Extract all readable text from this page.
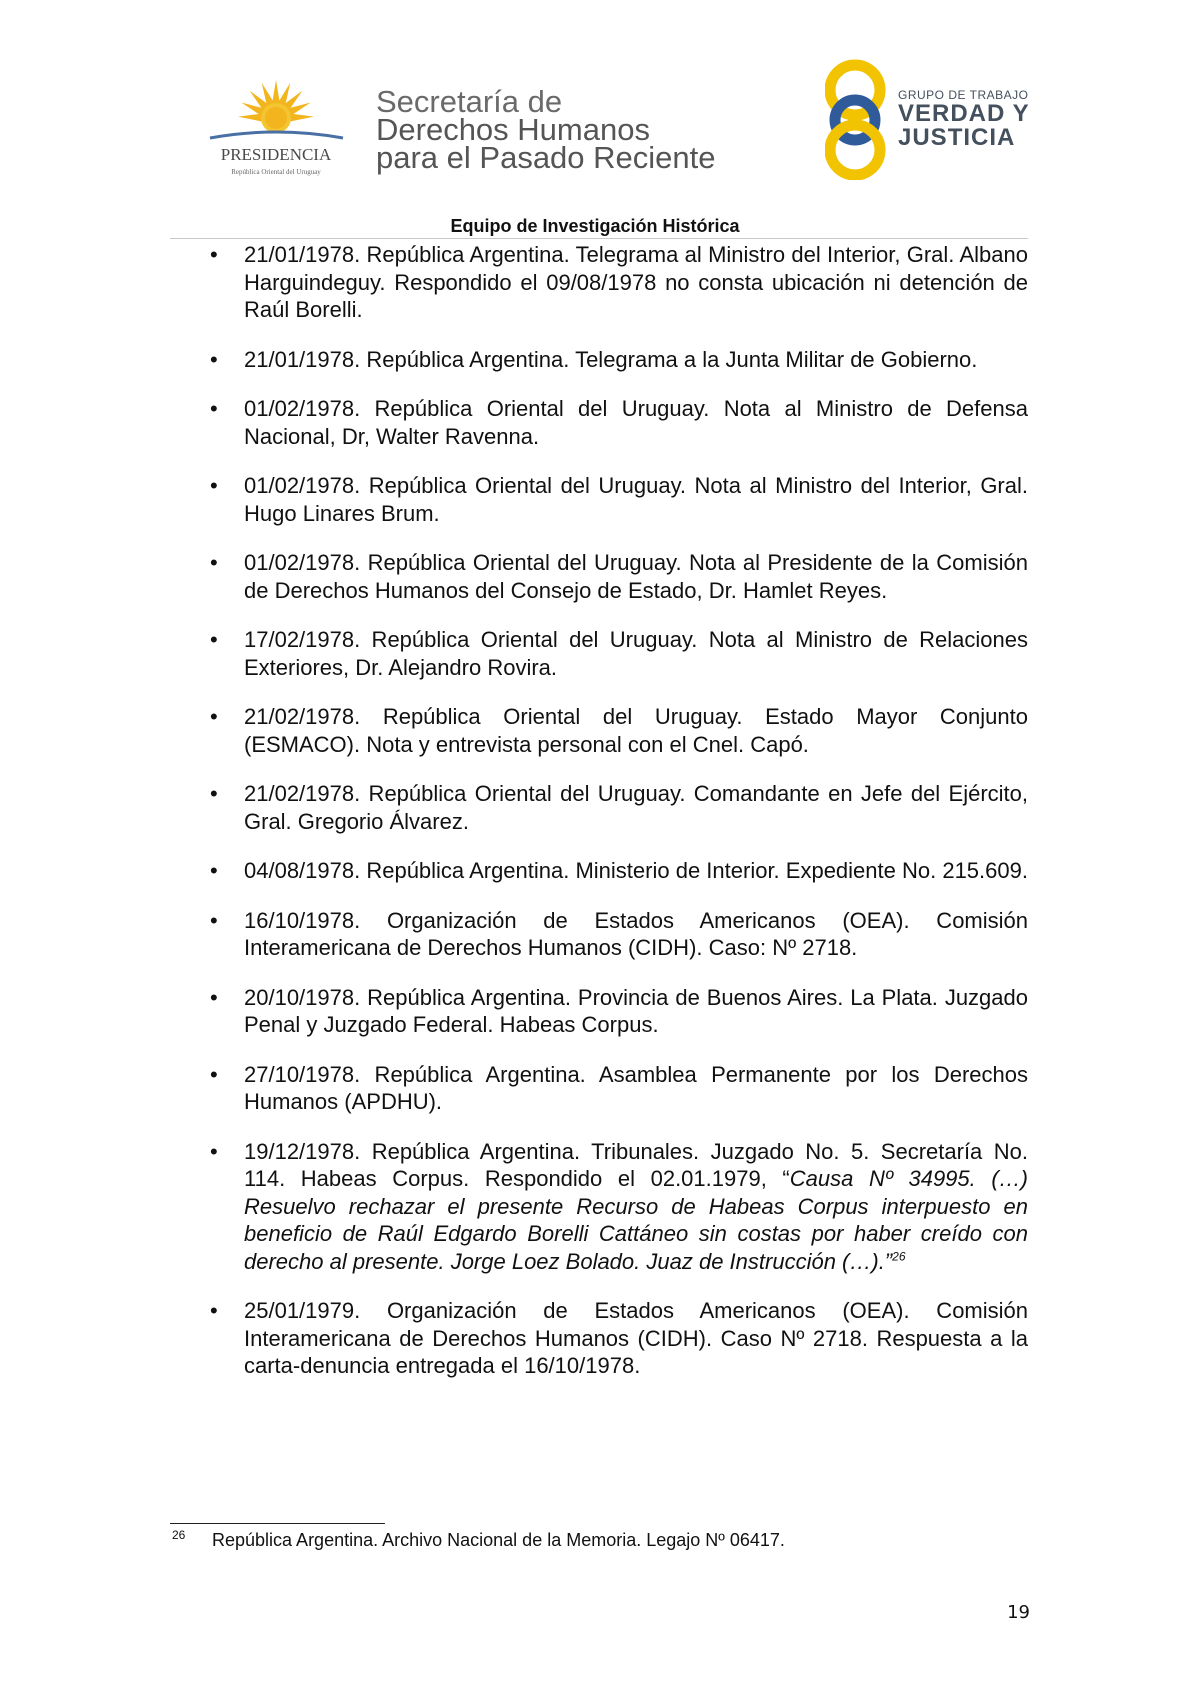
PRESIDENCIA
República Oriental del Uruguay
Secretaría de
Derechos Humanos
para el Pasado Reciente
GRUPO DE TRABAJO
VERDAD Y
JUSTICIA
Equipo de Investigación Histórica
•	21/01/1978. República Argentina. Telegrama al Ministro del Interior, Gral. Albano Harguindeguy. Respondido el 09/08/1978 no consta ubicación ni detención de Raúl Borelli.
•	21/01/1978. República Argentina. Telegrama a la Junta Militar de Gobierno.
•	01/02/1978. República Oriental del Uruguay. Nota al Ministro de Defensa Nacional, Dr, Walter Ravenna.
•	01/02/1978. República Oriental del Uruguay. Nota al Ministro del Interior, Gral. Hugo Linares Brum.
•	01/02/1978. República Oriental del Uruguay. Nota al Presidente de la Comisión de Derechos Humanos del Consejo de Estado, Dr. Hamlet Reyes.
•	17/02/1978. República Oriental del Uruguay. Nota al Ministro de Relaciones Exteriores, Dr. Alejandro Rovira.
•	21/02/1978. República Oriental del Uruguay. Estado Mayor Conjunto (ESMACO). Nota y entrevista personal con el Cnel. Capó.
•	21/02/1978. República Oriental del Uruguay. Comandante en Jefe del Ejército, Gral. Gregorio Álvarez.
•	04/08/1978. República Argentina. Ministerio de Interior. Expediente No. 215.609.
•	16/10/1978. Organización de Estados Americanos (OEA). Comisión Interamericana de Derechos Humanos (CIDH). Caso: Nº 2718.
•	20/10/1978. República Argentina. Provincia de Buenos Aires. La Plata. Juzgado Penal y Juzgado Federal. Habeas Corpus.
•	27/10/1978. República Argentina. Asamblea Permanente por los Derechos Humanos (APDHU).
•	19/12/1978. República Argentina. Tribunales. Juzgado No. 5. Secretaría No. 114. Habeas Corpus. Respondido el 02.01.1979, “Causa Nº 34995. (…) Resuelvo rechazar el presente Recurso de Habeas Corpus interpuesto en beneficio de Raúl Edgardo Borelli Cattáneo sin costas por haber creído con derecho al presente. Jorge Loez Bolado. Juaz de Instrucción (…).”$^{26}$
•	25/01/1979. Organización de Estados Americanos (OEA). Comisión Interamericana de Derechos Humanos (CIDH). Caso Nº 2718. Respuesta a la carta-denuncia entregada el 16/10/1978.
26 República Argentina. Archivo Nacional de la Memoria. Legajo Nº 06417.
19
